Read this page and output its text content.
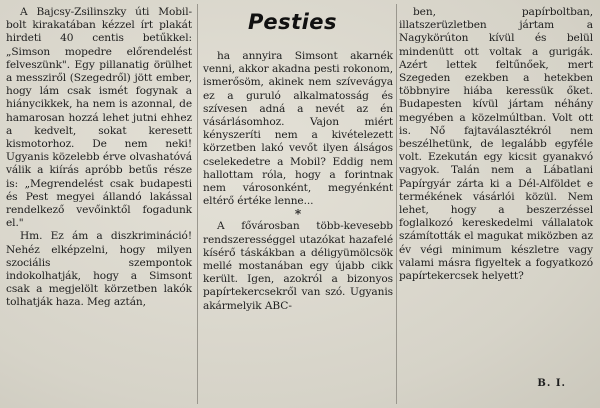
Pesties

A Bajcsy-Zsilinszky úti Mobil-bolt kirakatában kézzel írt plakát hirdeti 40 centis betűkkel: „Simson mopedre előrendelést felveszünk". Egy pillanatig örülhet a messziről (Szegedről) jött ember, hogy lám csak ismét fogynak a hiánycikkek, ha nem is azonnal, de hamarosan hozzá lehet jutni ehhez a kedvelt, sokat keresett kismotorhoz. De nem neki! Ugyanis közelebb érve olvashatóvá válik a kiírás apróbb betűs része is: „Megrendelést csak budapesti és Pest megyei állandó lakással rendelkező vevőinktől fogadunk el."

Hm. Ez ám a diszkrimináció! Nehéz elképzelni, hogy milyen szociális szempontok indokolhatják, hogy a Simsont csak a megjelölt körzetben lakók tolhatják haza. Meg aztán,

ha annyira Simsont akarnék venni, akkor akadna pesti rokonom, ismerősöm, akinek nem szívevágya ez a guruló alkalmatosság és szívesen adná a nevét az én vásárlásomhoz. Vajon miért kényszeríti nem a kivételezett körzetben lakó vevőt ilyen álságos cselekedetre a Mobil? Eddig nem hallottam róla, hogy a forintnak nem városonként, megyénként eltérő értéke lenne...

*

A fővárosban több-kevesebb rendszerességgel utazókat hazafelé kísérő táskákban a déligyümölcsök mellé mostanában egy újabb cikk került. Igen, azokról a bizonyos papírtekercsekről van szó. Ugyanis akármelyik ABC-

ben, papírboltban, illatszerüzletben jártam a Nagykörúton kívül és belül mindenütt ott voltak a gurigák. Azért lettek feltűnőek, mert Szegeden ezekben a hetekben többnyire hiába keressük őket. Budapesten kívül jártam néhány megyében a közelmúltban. Volt ott is. Nő fajtaválasztékról nem beszélhetünk, de legalább egyféle volt. Ezekután egy kicsit gyanakvó vagyok. Talán nem a Lábatlani Papírgyár zárta ki a Dél-Alföldet e termékének vásárlói közül. Nem lehet, hogy a beszerzéssel foglalkozó kereskedelmi vállalatok számították el magukat miközben az év végi minimum készletre vagy valami másra figyeltek a fogyatkozó papírtekercsek helyett?

B. I.
